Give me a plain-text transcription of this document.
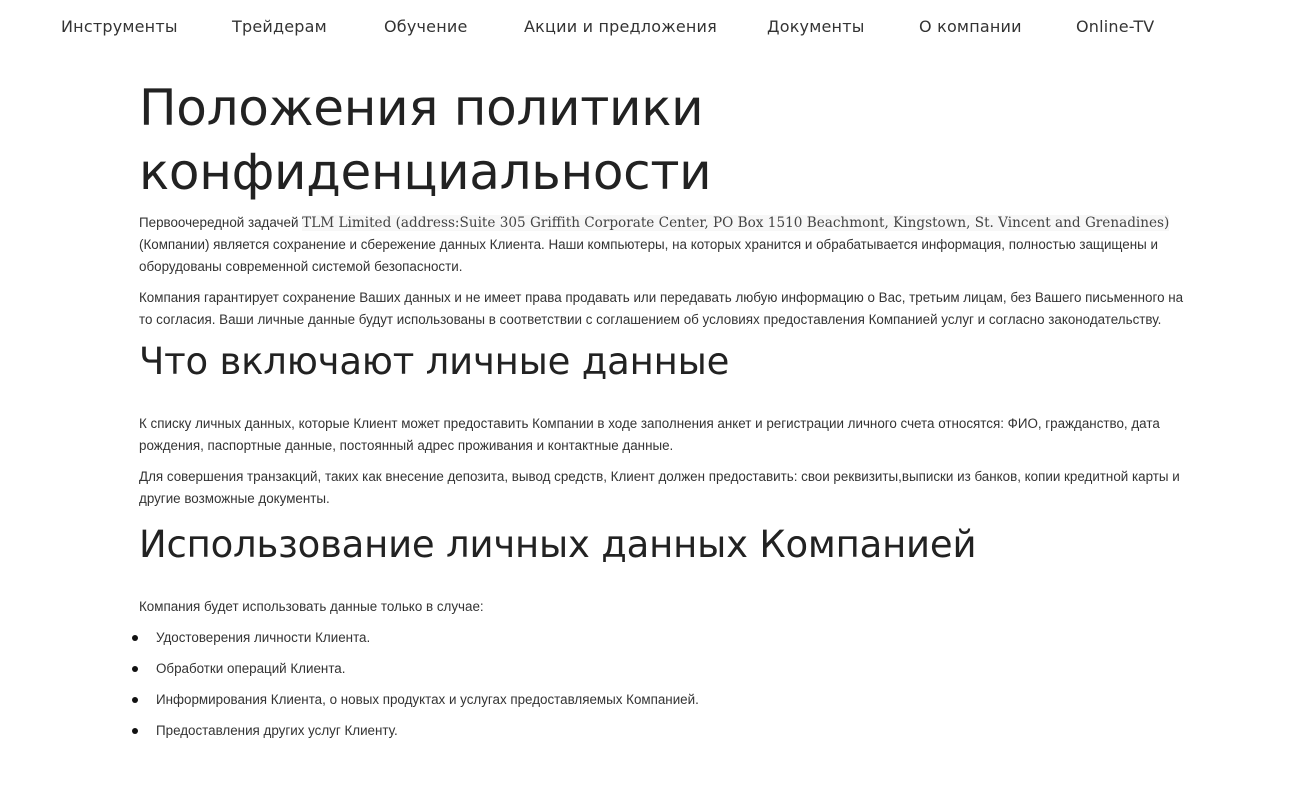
Инструменты	Трейдерам	Обучение	Акции и предложения	Документы	О компании	Online-TV
Положения политики
конфиденциальности

Первоочередной задачей TLM Limited (address:Suite 305 Griffith Corporate Center, PO Box 1510 Beachmont, Kingstown, St. Vincent and Grenadines) (Компании) является сохранение и сбережение данных Клиента. Наши компьютеры, на которых хранится и обрабатывается информация, полностью защищены и оборудованы современной системой безопасности.

Компания гарантирует сохранение Ваших данных и не имеет права продавать или передавать любую информацию о Вас, третьим лицам, без Вашего письменного на то согласия. Ваши личные данные будут использованы в соответствии с соглашением об условиях предоставления Компанией услуг и согласно законодательству.

Что включают личные данные

К списку личных данных, которые Клиент может предоставить Компании в ходе заполнения анкет и регистрации личного счета относятся: ФИО, гражданство, дата рождения, паспортные данные, постоянный адрес проживания и контактные данные.

Для совершения транзакций, таких как внесение депозита, вывод средств, Клиент должен предоставить: свои реквизиты,выписки из банков, копии кредитной карты и другие возможные документы.

Использование личных данных Компанией

Компания будет использовать данные только в случае:

Удостоверения личности Клиента.
Обработки операций Клиента.
Информирования Клиента, о новых продуктах и услугах предоставляемых Компанией.
Предоставления других услуг Клиенту.
